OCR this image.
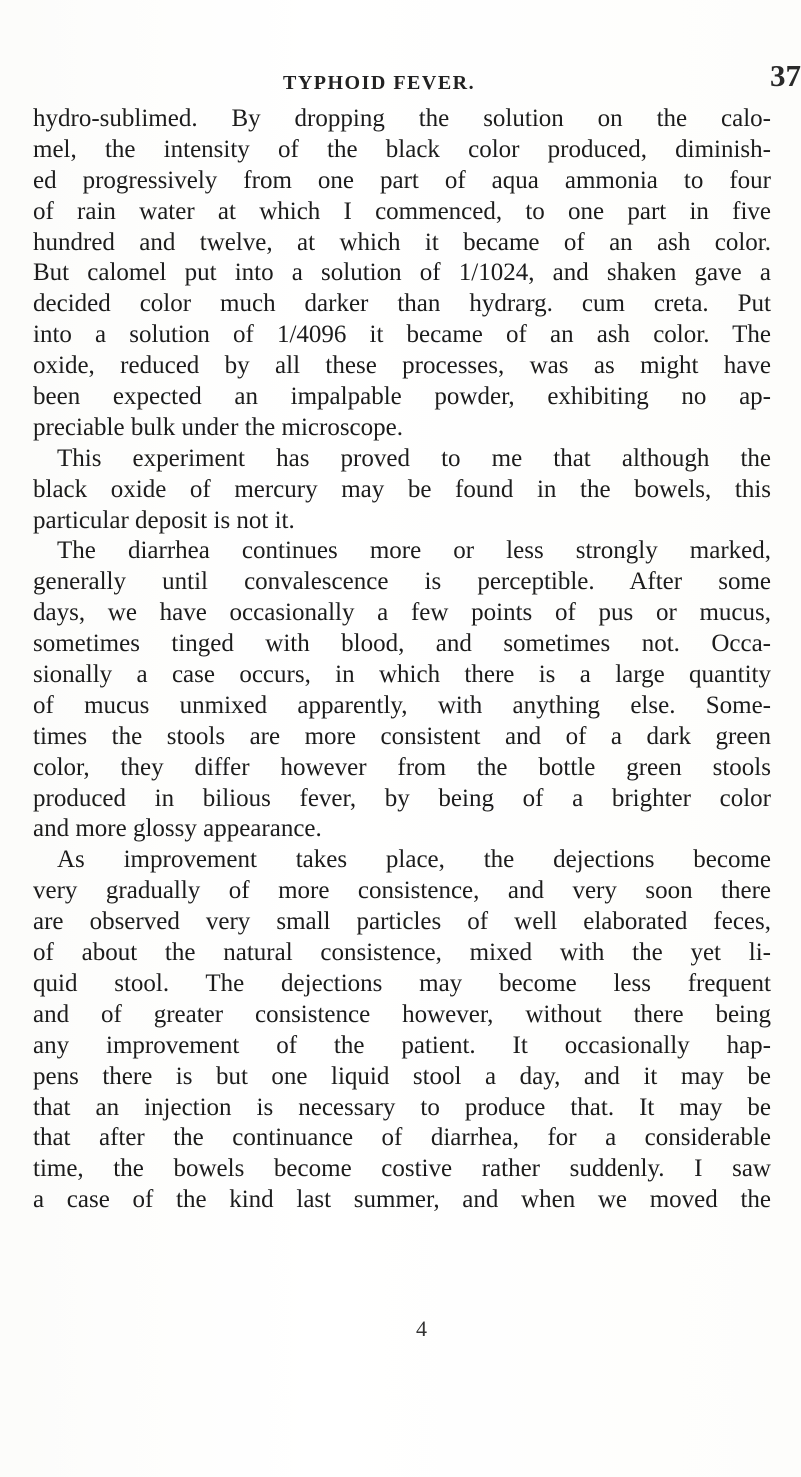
TYPHOID FEVER.	37
hydro-sublimed. By dropping the solution on the calo-
mel, the intensity of the black color produced, diminish-
ed progressively from one part of aqua ammonia to four
of rain water at which I commenced, to one part in five
hundred and twelve, at which it became of an ash color.
But calomel put into a solution of 1/1024, and shaken gave a
decided color much darker than hydrarg. cum creta. Put
into a solution of 1/4096 it became of an ash color. The
oxide, reduced by all these processes, was as might have
been expected an impalpable powder, exhibiting no ap-
preciable bulk under the microscope.
This experiment has proved to me that although the
black oxide of mercury may be found in the bowels, this
particular deposit is not it.
The diarrhea continues more or less strongly marked,
generally until convalescence is perceptible. After some
days, we have occasionally a few points of pus or mucus,
sometimes tinged with blood, and sometimes not. Occa-
sionally a case occurs, in which there is a large quantity
of mucus unmixed apparently, with anything else. Some-
times the stools are more consistent and of a dark green
color, they differ however from the bottle green stools
produced in bilious fever, by being of a brighter color
and more glossy appearance.
As improvement takes place, the dejections become
very gradually of more consistence, and very soon there
are observed very small particles of well elaborated feces,
of about the natural consistence, mixed with the yet li-
quid stool. The dejections may become less frequent
and of greater consistence however, without there being
any improvement of the patient. It occasionally hap-
pens there is but one liquid stool a day, and it may be
that an injection is necessary to produce that. It may be
that after the continuance of diarrhea, for a considerable
time, the bowels become costive rather suddenly. I saw
a case of the kind last summer, and when we moved the
4
